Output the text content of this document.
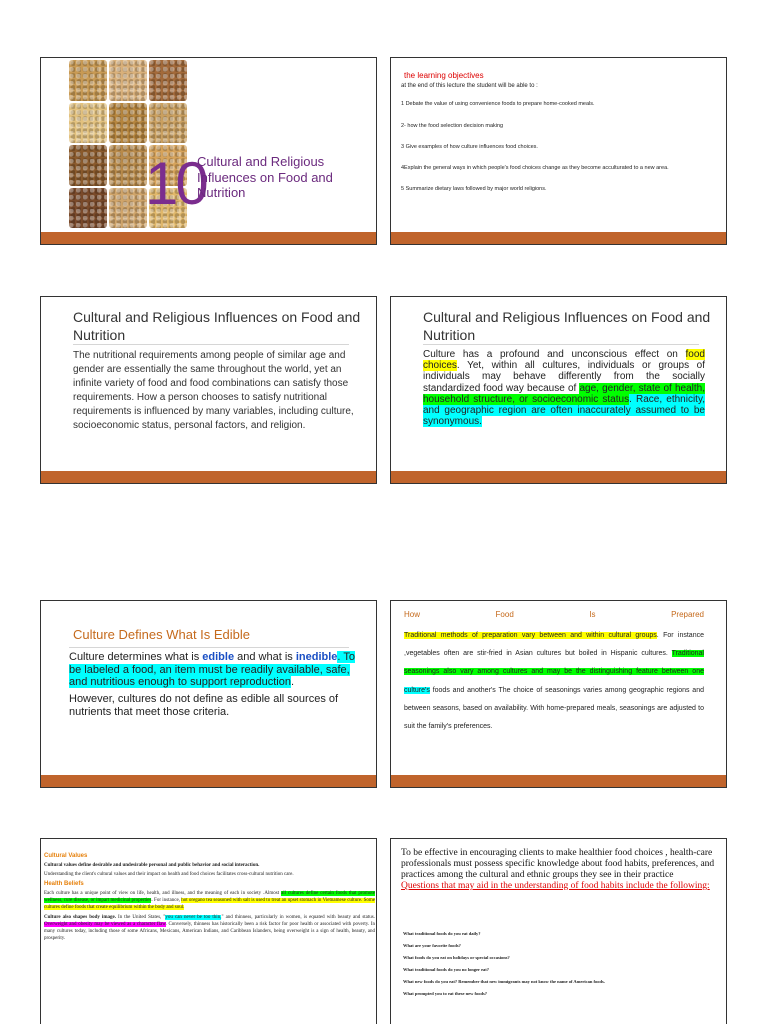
10
Cultural and Religious Influences on Food and Nutrition
the learning objectives
at the end of this lecture the student will be able to :
1 Debate the value of using convenience foods to prepare home-cooked meals.
2- how the food selection decision making
3 Give examples of how culture influences food choices.
4Explain the general ways in which people's food choices change as they become acculturated to a new area.
5 Summarize dietary laws followed by major world religions.
Cultural and Religious Influences on Food and Nutrition
The nutritional requirements among people of similar age and gender are essentially the same throughout the world, yet an infinite variety of food and food combinations can satisfy those requirements. How a person chooses to satisfy nutritional requirements is influenced by many variables, including culture, socioeconomic status, personal factors, and religion.
Cultural and Religious Influences on Food and Nutrition
Culture has a profound and unconscious effect on food choices. Yet, within all cultures, individuals or groups of individuals may behave differently from the socially standardized food way because of age, gender, state of health, household structure, or socioeconomic status. Race, ethnicity, and geographic region are often inaccurately assumed to be synonymous.
Culture Defines What Is Edible

Culture determines what is edible and what is inedible. To be labeled a food, an item must be readily available, safe, and nutritious enough to support reproduction.

However, cultures do not define as edible all sources of nutrients that meet those criteria.

How	Food	Is	Prepared
Traditional methods of preparation vary between and within cultural groups. For instance ,vegetables often are stir-fried in Asian cultures but boiled in Hispanic cultures. Traditional seasonings also vary among cultures and may be the distinguishing feature between one culture's foods and another's The choice of seasonings varies among geographic regions and between seasons, based on availability. With home-prepared meals, seasonings are adjusted to suit the family's preferences.
Cultural Values

Cultural values define desirable and undesirable personal and public behavior and social interaction.

Understanding the client's cultural values and their impact on health and food choices facilitates cross-cultural nutrition care.

Health Beliefs

Each culture has a unique point of view on life, health, and illness, and the meaning of each in society .Almost all cultures define certain foods that promote wellness, cure disease, or impart medicinal properties. For instance, hot oregano tea seasoned with salt is used to treat an upset stomach in Vietnamese culture. Some cultures define foods that create equilibrium within the body and soul.

Culture also shapes body image. In the United States, "you can never be too thin," and thinness, particularly in women, is equated with beauty and status. Overweight and obesity may be viewed as a character flaw. Conversely, thinness has historically been a risk factor for poor health or associated with poverty. In many cultures today, including those of some Africans, Mexicans, American Indians, and Caribbean Islanders, being overweight is a sign of health, beauty, and prosperity.

To be effective in encouraging clients to make healthier food choices , health-care professionals must possess specific knowledge about food habits, preferences, and practices among the cultural and ethnic groups they see in their practice
Questions that may aid in the understanding of food habits include the following:
What traditional foods do you eat daily?
What are your favorite foods?
What foods do you eat on holidays or special occasions?
What traditional foods do you no longer eat?
What new foods do you eat? Remember that new immigrants may not know the name of American foods.
What prompted you to eat these new foods?
